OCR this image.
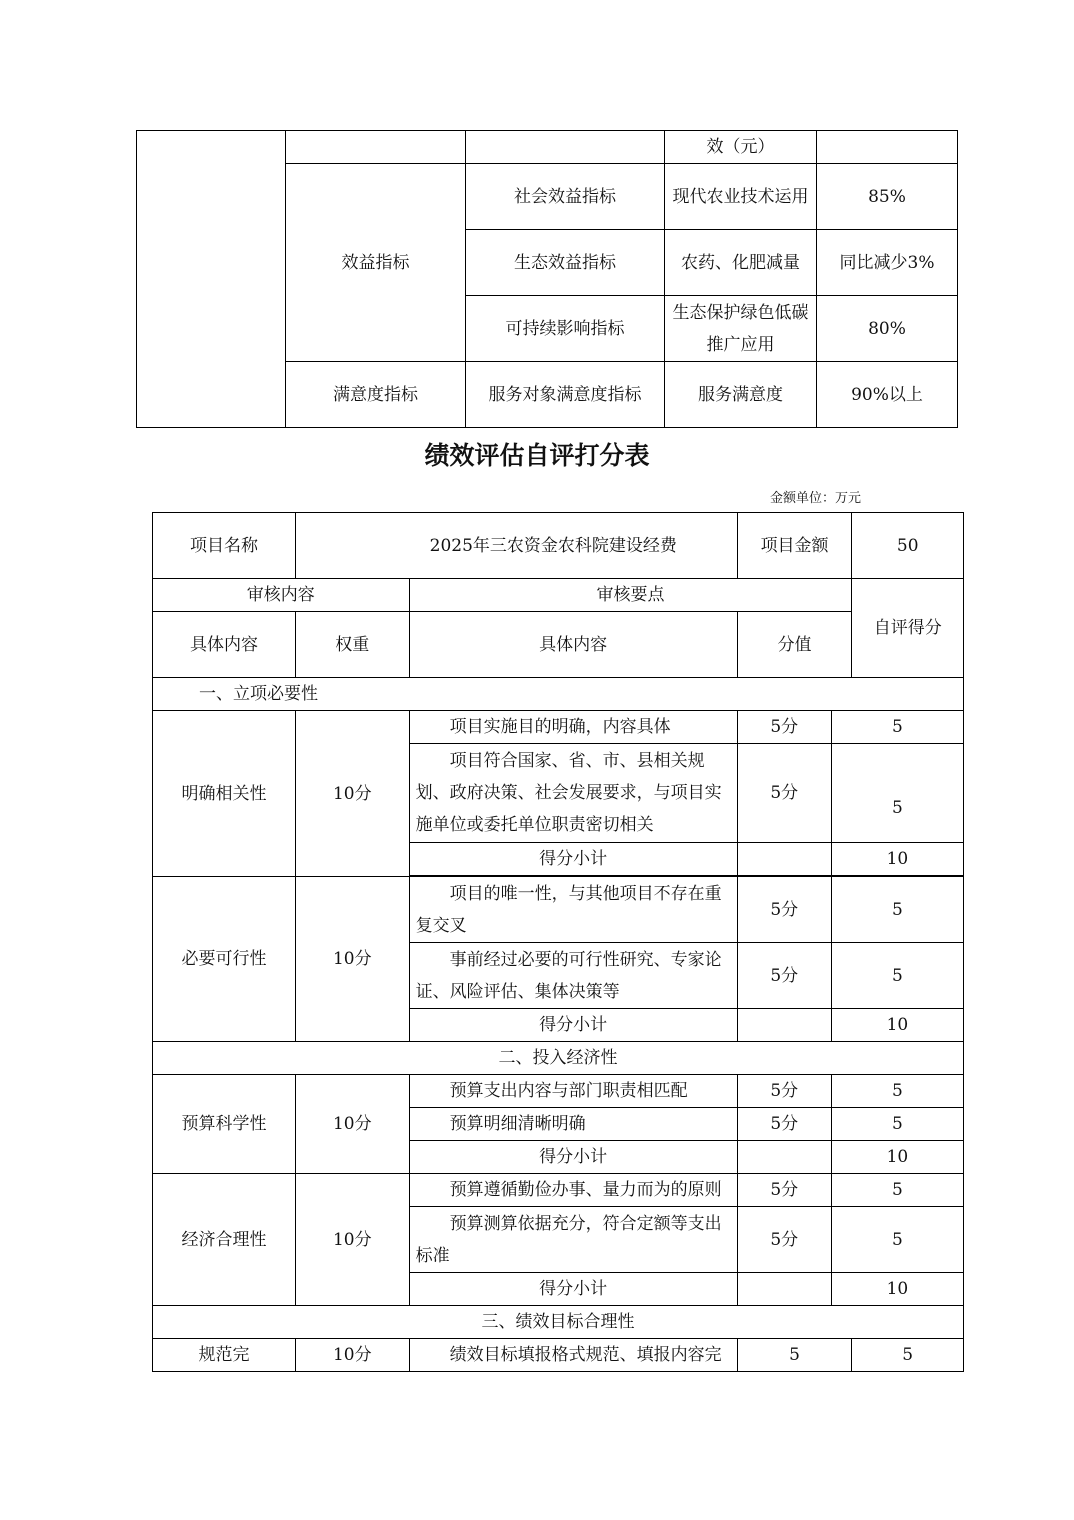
			效（元）	
	效益指标	社会效益指标	现代农业技术运用	85%
		生态效益指标	农药、化肥减量	同比减少3%
		可持续影响指标	生态保护绿色低碳推广应用	80%
	满意度指标	服务对象满意度指标	服务满意度	90%以上
绩效评估自评打分表
金额单位：万元
项目名称	2025年三农资金农科院建设经费		项目金额		50
审核内容		审核要点			自评得分
具体内容	权重	具体内容	分值		
一、立项必要性					
明确相关性	10分	项目实施目的明确，内容具体	5分	5	
		项目符合国家、省、市、县相关规划、政府决策、社会发展要求，与项目实施单位或委托单位职责密切相关	5分	5	
		得分小计		10	

必要可行性	10分	项目的唯一性，与其他项目不存在重复交叉	5分	5	
		事前经过必要的可行性研究、专家论证、风险评估、集体决策等	5分	5	
		得分小计		10	
二、投入经济性					
预算科学性	10分	预算支出内容与部门职责相匹配	5分	5	
		预算明细清晰明确	5分	5	
		得分小计		10	
经济合理性	10分	预算遵循勤俭办事、量力而为的原则	5分	5	
		预算测算依据充分，符合定额等支出标准	5分	5	
		得分小计		10	
三、绩效目标合理性					
规范完	10分	绩效目标填报格式规范、填报内容完	5		5
